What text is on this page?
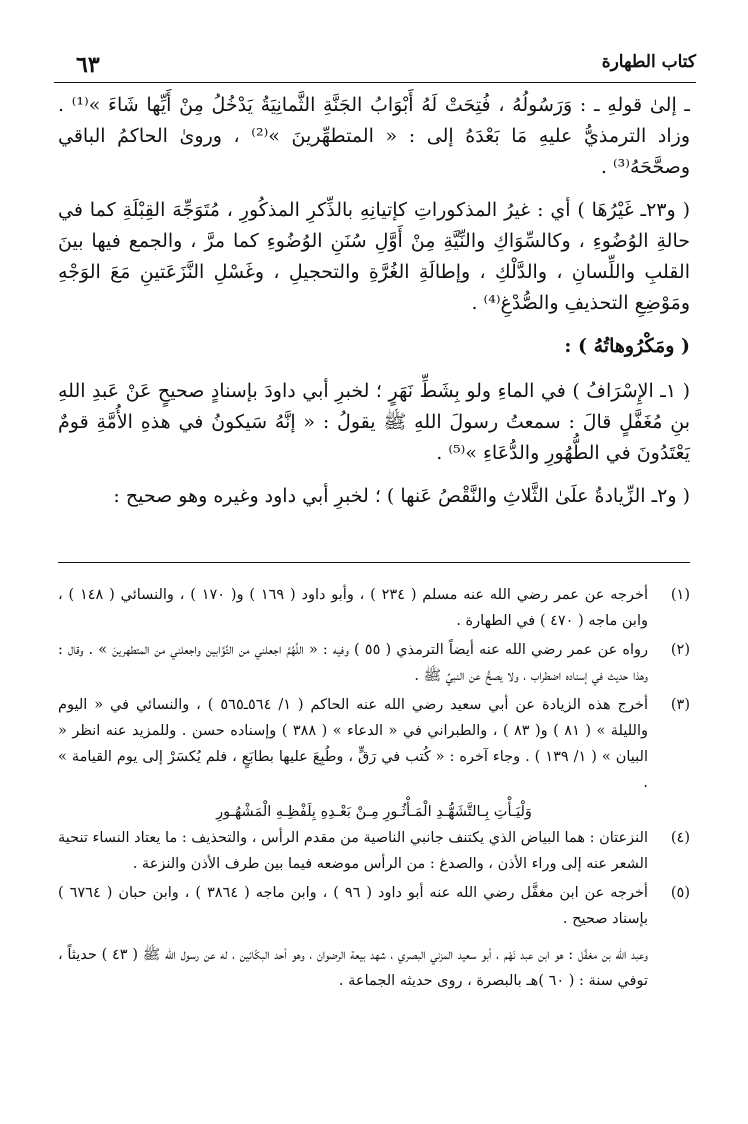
٦٣	كتاب الطهارة

ـ إلىٰ قولهِ ـ : وَرَسُولُهُ ، فُتِحَتْ لَهُ أَبْوَابُ الجَنَّةِ الثَّمانِيَةُ يَدْخُلُ مِنْ أَيِّها شَاءَ »⁽¹⁾ . وزاد الترمذيُّ عليهِ مَا بَعْدَهُ إلى : « المتطهِّرينَ »⁽²⁾ ، ورویٰ الحاكمُ الباقي وصحَّحَهُ⁽³⁾ .

( و٢٣ـ غَيْرُهَا ) أي : غيرُ المذكوراتِ كإتيانِهِ بالذِّكرِ المذكُورِ ، مُتَوَجِّهَ القِبْلَةِ كما في حالةِ الوُضُوءِ ، وكالسِّوَاكِ والنِّيَّةِ مِنْ أَوَّلِ سُنَنِ الوُضُوءِ كما مرَّ ، والجمع فيها بينَ القلبِ واللِّسانِ ، والدَّلْكِ ، وإطالَةِ الغُرَّةِ والتحجيلِ ، وغَسْلِ النَّزَعَتينِ مَعَ الوَجْهِ ومَوْضِعِ التحذيفِ والصُّدْغِ⁽⁴⁾ .

( ومَكْرُوهاتُهُ ) :

( ١ـ الإِسْرَافُ ) في الماءِ ولو بِشَطِّ نَهَرٍ ؛ لخبرِ أبي داودَ بإسنادٍ صحيحٍ عَنْ عَبدِ اللهِ بنِ مُغَفَّلٍ قالَ : سمعتُ رسولَ اللهِ ﷺ يقولُ : « إنَّهُ سَيكونُ في هذهِ الأُمَّةِ قومٌ يَعْتَدُونَ في الطُّهُورِ والدُّعَاءِ »⁽⁵⁾ .

( و٢ـ الزِّيادةُ علَىٰ الثَّلاثِ والنَّقْصُ عَنها ) ؛ لخبرِ أبي داود وغيره وهو صحيح :

(١)
أخرجه عن عمر رضي الله عنه مسلم ( ٢٣٤ ) ، وأبو داود ( ١٦٩ ) و( ١٧٠ ) ، والنسائي ( ١٤٨ ) ، وابن ماجه ( ٤٧٠ ) في الطهارة .
(٢)
رواه عن عمر رضي الله عنه أيضاً الترمذي ( ٥٥ ) وفيه : « اللَّهُمَّ اجعلني من التَّوَّابين واجعلني من المتطهرينَ » . وقال : وهذا حديث في إسناده اضطراب ، ولا يصحُّ عن النبيِّ ﷺ .
(٣)
أخرج هذه الزيادة عن أبي سعيد رضي الله عنه الحاكم ( ١/ ٥٦٤ـ٥٦٥ ) ، والنسائي في « اليوم والليلة » ( ٨١ ) و( ٨٣ ) ، والطبراني في « الدعاء » ( ٣٨٨ ) وإسناده حسن . وللمزيد عنه انظر « البيان » ( ١/ ١٣٩ ) . وجاء آخره : « كُتب في رَقٍّ ، وطُبِعَ عليها بطابَعٍ ، فلم يُكسَرْ إلى يوم القيامة » .
وَلْيَـأْتِ بِـالتَّشَهُّـدِ الْمَـأْثُـورِ مِـنْ بَعْـدِهِ بِلَفْظِـهِ الْمَشْهُـورِ
(٤)
النزعتان : هما البياض الذي يكتنف جانبي الناصية من مقدم الرأس ، والتحذيف : ما يعتاد النساء تنحية الشعر عنه إلى وراء الأذن ، والصدغ : من الرأس موضعه فيما بين طرف الأذن والنزعة .
(٥)
أخرجه عن ابن مغفَّل رضي الله عنه أبو داود ( ٩٦ ) ، وابن ماجه ( ٣٨٦٤ ) ، وابن حبان ( ٦٧٦٤ ) بإسناد صحيح .
وعبد الله بن مغفَّل : هو ابن عبد نَهْم ، أبو سعيد المزني البصري ، شهد بيعة الرضوان ، وهو أحد البكّائين ، له عن رسول الله ﷺ ( ٤٣ ) حديثاً ، توفي سنة : ( ٦٠ )هـ بالبصرة ، روى حديثه الجماعة .
